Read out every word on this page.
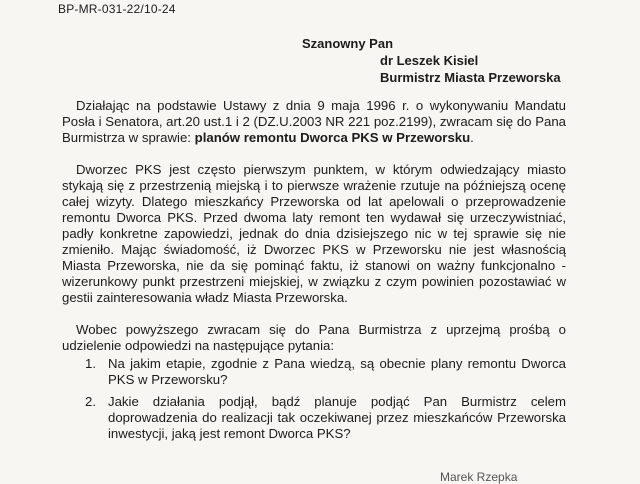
BP-MR-031-22/10-24
Szanowny Pan
dr Leszek Kisiel
Burmistrz Miasta Przeworska

Działając na podstawie Ustawy z dnia 9 maja 1996 r. o wykonywaniu Mandatu Posła i Senatora, art.20 ust.1 i 2 (DZ.U.2003 NR 221 poz.2199), zwracam się do Pana Burmistrza w sprawie: planów remontu Dworca PKS w Przeworsku.

Dworzec PKS jest często pierwszym punktem, w którym odwiedzający miasto stykają się z przestrzenią miejską i to pierwsze wrażenie rzutuje na późniejszą ocenę całej wizyty. Dlatego mieszkańcy Przeworska od lat apelowali o przeprowadzenie remontu Dworca PKS. Przed dwoma laty remont ten wydawał się urzeczywistniać, padły konkretne zapowiedzi, jednak do dnia dzisiejszego nic w tej sprawie się nie zmieniło. Mając świadomość, iż Dworzec PKS w Przeworsku nie jest własnością Miasta Przeworska, nie da się pominąć faktu, iż stanowi on ważny funkcjonalno - wizerunkowy punkt przestrzeni miejskiej, w związku z czym powinien pozostawiać w gestii zainteresowania władz Miasta Przeworska.

Wobec powyższego zwracam się do Pana Burmistrza z uprzejmą prośbą o udzielenie odpowiedzi na następujące pytania:

1. Na jakim etapie, zgodnie z Pana wiedzą, są obecnie plany remontu Dworca PKS w Przeworsku?
2. Jakie działania podjął, bądź planuje podjąć Pan Burmistrz celem doprowadzenia do realizacji tak oczekiwanej przez mieszkańców Przeworska inwestycji, jaką jest remont Dworca PKS?
Marek Rzepka
